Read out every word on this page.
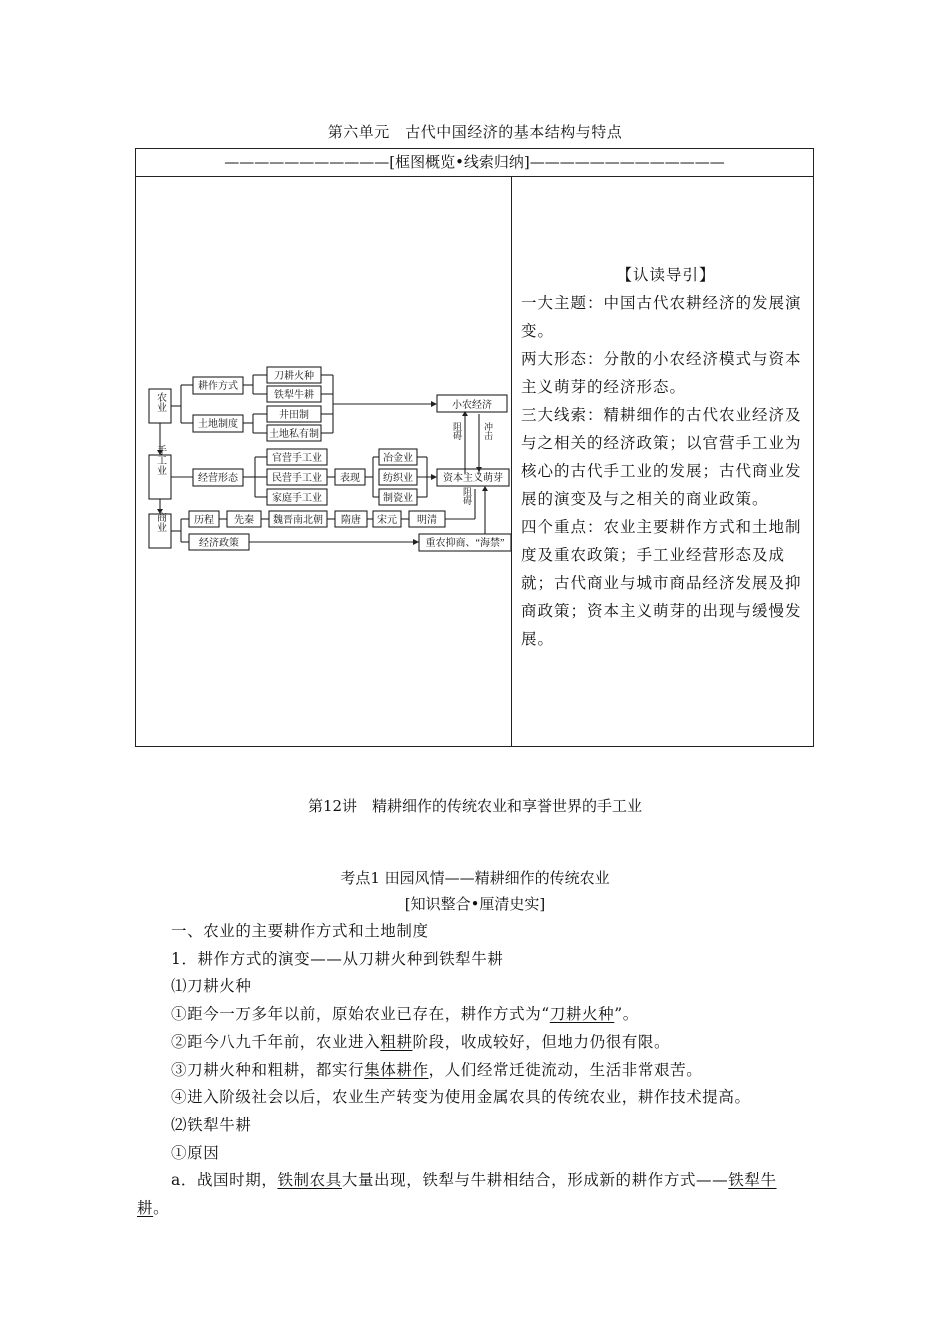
第六单元　古代中国经济的基本结构与特点
———————————[框图概览•线索归纳]—————————————
农业
手工业
商业
耕作方式
土地制度
刀耕火种
铁犁牛耕
井田制
土地私有制
小农经济
阻碍 冲击
经营形态
官营手工业
民营手工业
家庭手工业
表现
冶金业
纺织业
制瓷业
资本主义萌芽
阻碍
历程 先秦 魏晋南北朝 隋唐 宋元 明清
经济政策	重农抑商、“海禁”

【认读导引】

一大主题：中国古代农耕经济的发展演变。

两大形态：分散的小农经济模式与资本主义萌芽的经济形态。

三大线索：精耕细作的古代农业经济及与之相关的经济政策；以官营手工业为核心的古代手工业的发展；古代商业发展的演变及与之相关的商业政策。

四个重点：农业主要耕作方式和土地制度及重农政策；手工业经营形态及成就；古代商业与城市商品经济发展及抑商政策；资本主义萌芽的出现与缓慢发展。

第12讲　精耕细作的传统农业和享誉世界的手工业
考点1 田园风情——精耕细作的传统农业
[知识整合•厘清史实]

一、农业的主要耕作方式和土地制度

1．耕作方式的演变——从刀耕火种到铁犁牛耕

⑴刀耕火种

①距今一万多年以前，原始农业已存在，耕作方式为“刀耕火种”。

②距今八九千年前，农业进入粗耕阶段，收成较好，但地力仍很有限。

③刀耕火种和粗耕，都实行集体耕作，人们经常迁徙流动，生活非常艰苦。

④进入阶级社会以后，农业生产转变为使用金属农具的传统农业，耕作技术提高。

⑵铁犁牛耕

①原因

a．战国时期，铁制农具大量出现，铁犁与牛耕相结合，形成新的耕作方式——铁犁牛

耕。
